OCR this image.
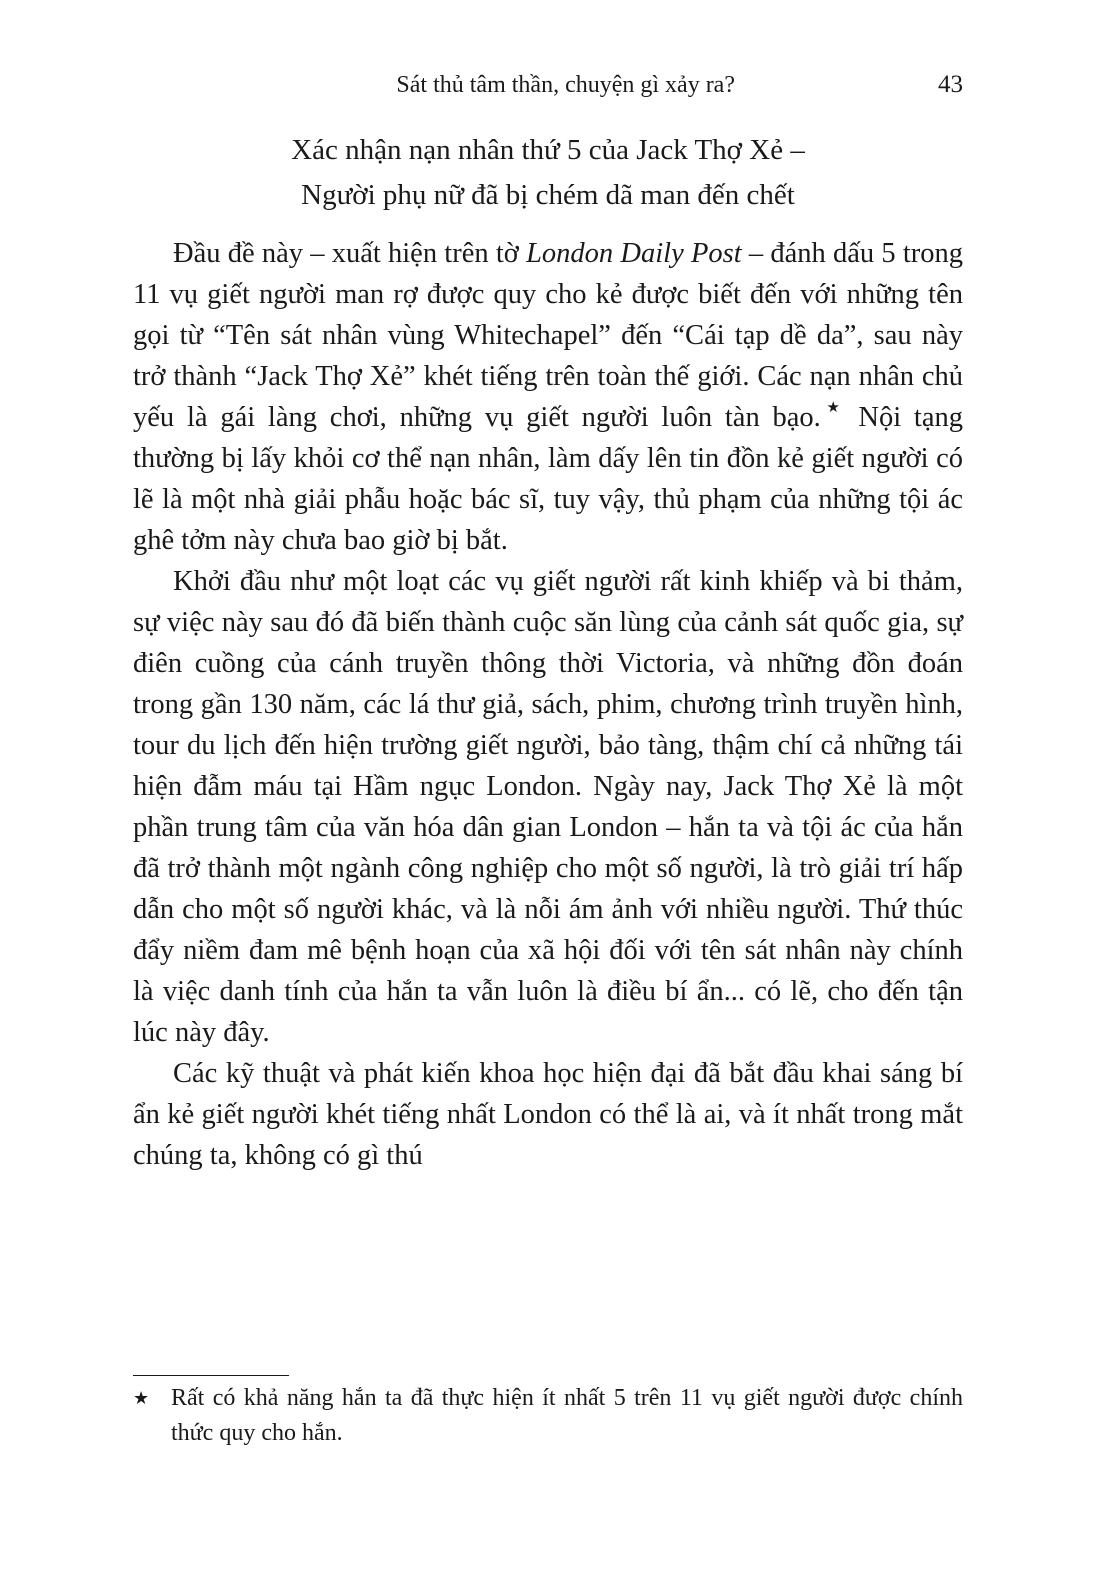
Sát thủ tâm thần, chuyện gì xảy ra?	43
Xác nhận nạn nhân thứ 5 của Jack Thợ Xẻ –
Người phụ nữ đã bị chém dã man đến chết

Đầu đề này – xuất hiện trên tờ London Daily Post – đánh dấu 5 trong 11 vụ giết người man rợ được quy cho kẻ được biết đến với những tên gọi từ “Tên sát nhân vùng Whitechapel” đến “Cái tạp dề da”, sau này trở thành “Jack Thợ Xẻ” khét tiếng trên toàn thế giới. Các nạn nhân chủ yếu là gái làng chơi, những vụ giết người luôn tàn bạo.★ Nội tạng thường bị lấy khỏi cơ thể nạn nhân, làm dấy lên tin đồn kẻ giết người có lẽ là một nhà giải phẫu hoặc bác sĩ, tuy vậy, thủ phạm của những tội ác ghê tởm này chưa bao giờ bị bắt.

Khởi đầu như một loạt các vụ giết người rất kinh khiếp và bi thảm, sự việc này sau đó đã biến thành cuộc săn lùng của cảnh sát quốc gia, sự điên cuồng của cánh truyền thông thời Victoria, và những đồn đoán trong gần 130 năm, các lá thư giả, sách, phim, chương trình truyền hình, tour du lịch đến hiện trường giết người, bảo tàng, thậm chí cả những tái hiện đẫm máu tại Hầm ngục London. Ngày nay, Jack Thợ Xẻ là một phần trung tâm của văn hóa dân gian London – hắn ta và tội ác của hắn đã trở thành một ngành công nghiệp cho một số người, là trò giải trí hấp dẫn cho một số người khác, và là nỗi ám ảnh với nhiều người. Thứ thúc đẩy niềm đam mê bệnh hoạn của xã hội đối với tên sát nhân này chính là việc danh tính của hắn ta vẫn luôn là điều bí ẩn... có lẽ, cho đến tận lúc này đây.

Các kỹ thuật và phát kiến khoa học hiện đại đã bắt đầu khai sáng bí ẩn kẻ giết người khét tiếng nhất London có thể là ai, và ít nhất trong mắt chúng ta, không có gì thú

★ Rất có khả năng hắn ta đã thực hiện ít nhất 5 trên 11 vụ giết người được chính thức quy cho hắn.
